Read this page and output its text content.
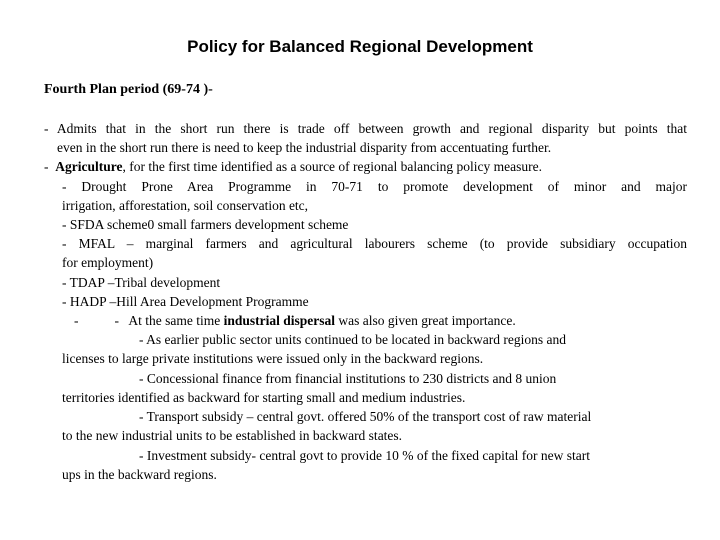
Policy for Balanced Regional Development
Fourth Plan period (69-74 )-
- Admits that in the short run there is trade off between growth and regional disparity but points that
even in the short run there is need to keep the industrial disparity from accentuating further.
- Agriculture, for the first time identified as a source of regional balancing policy measure.
- Drought Prone Area Programme in 70-71 to promote development of minor and major
irrigation, afforestation, soil conservation etc,
- SFDA scheme0 small farmers development scheme
- MFAL – marginal farmers and agricultural labourers scheme (to provide subsidiary occupation
for employment)
- TDAP –Tribal development
- HADP –Hill Area Development Programme
-	- At the same time industrial dispersal was also given great importance.
- As earlier public sector units continued to be located in backward regions and
licenses to large private institutions were issued only in the backward regions.
- Concessional finance from financial institutions to 230 districts and 8 union
territories identified as backward for starting small and medium industries.
- Transport subsidy – central govt. offered 50% of the transport cost of raw material
to the new industrial units to be established in backward states.
- Investment subsidy- central govt to provide 10 % of the fixed capital for new start
ups in the backward regions.
